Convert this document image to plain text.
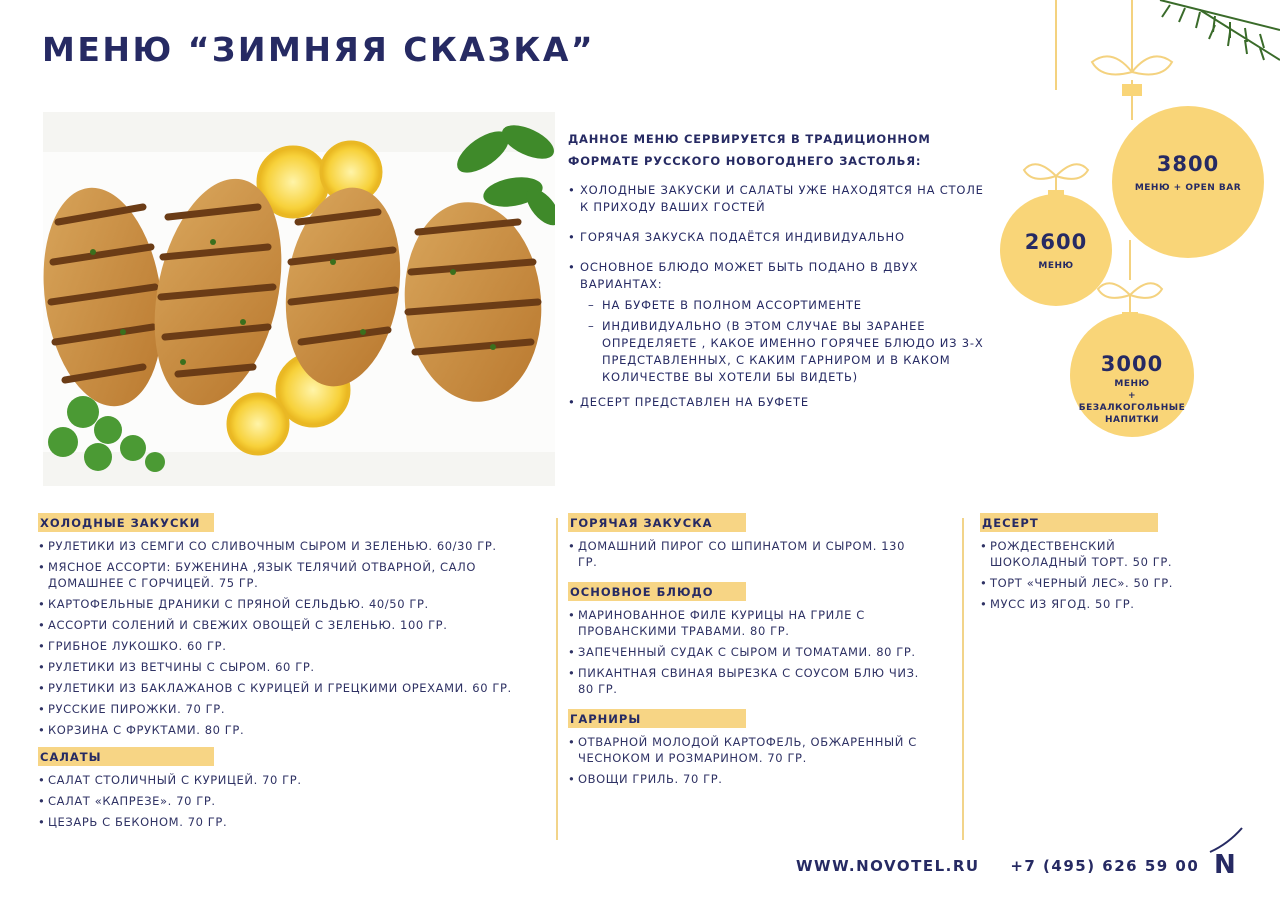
МЕНЮ “ЗИМНЯЯ СКАЗКА”

ДАННОЕ МЕНЮ СЕРВИРУЕТСЯ В ТРАДИЦИОННОМ ФОРМАТЕ РУССКОГО НОВОГОДНЕГО ЗАСТОЛЬЯ:

• ХОЛОДНЫЕ ЗАКУСКИ И САЛАТЫ УЖЕ НАХОДЯТСЯ НА СТОЛЕ К ПРИХОДУ ВАШИХ ГОСТЕЙ

• ГОРЯЧАЯ ЗАКУСКА ПОДАЁТСЯ ИНДИВИДУАЛЬНО

• ОСНОВНОЕ БЛЮДО МОЖЕТ БЫТЬ ПОДАНО В ДВУХ ВАРИАНТАХ:

– НА БУФЕТЕ В ПОЛНОМ АССОРТИМЕНТЕ

– ИНДИВИДУАЛЬНО (В ЭТОМ СЛУЧАЕ ВЫ ЗАРАНЕЕ ОПРЕДЕЛЯЕТЕ , КАКОЕ ИМЕННО ГОРЯЧЕЕ БЛЮДО ИЗ 3-Х ПРЕДСТАВЛЕННЫХ, С КАКИМ ГАРНИРОМ И В КАКОМ КОЛИЧЕСТВЕ ВЫ ХОТЕЛИ БЫ ВИДЕТЬ)

• ДЕСЕРТ ПРЕДСТАВЛЕН НА БУФЕТЕ

3800
МЕНЮ + OPEN BAR
2600
МЕНЮ
3000
МЕНЮ
+
БЕЗАЛКОГОЛЬНЫЕ
НАПИТКИ
ХОЛОДНЫЕ ЗАКУСКИ
• РУЛЕТИКИ ИЗ СЕМГИ СО СЛИВОЧНЫМ СЫРОМ И ЗЕЛЕНЬЮ. 60/30 ГР.
• МЯСНОЕ АССОРТИ: БУЖЕНИНА ,ЯЗЫК ТЕЛЯЧИЙ ОТВАРНОЙ, САЛО ДОМАШНЕЕ С ГОРЧИЦЕЙ. 75 ГР.
• КАРТОФЕЛЬНЫЕ ДРАНИКИ С ПРЯНОЙ СЕЛЬДЬЮ. 40/50 ГР.
• АССОРТИ СОЛЕНИЙ И СВЕЖИХ ОВОЩЕЙ С ЗЕЛЕНЬЮ. 100 ГР.
• ГРИБНОЕ ЛУКОШКО. 60 ГР.
• РУЛЕТИКИ ИЗ ВЕТЧИНЫ С СЫРОМ. 60 ГР.
• РУЛЕТИКИ ИЗ БАКЛАЖАНОВ С КУРИЦЕЙ И ГРЕЦКИМИ ОРЕХАМИ. 60 ГР.
• РУССКИЕ ПИРОЖКИ. 70 ГР.
• КОРЗИНА С ФРУКТАМИ. 80 ГР.
САЛАТЫ
• САЛАТ СТОЛИЧНЫЙ С КУРИЦЕЙ. 70 ГР.
• САЛАТ «КАПРЕЗЕ». 70 ГР.
• ЦЕЗАРЬ С БЕКОНОМ. 70 ГР.
ГОРЯЧАЯ ЗАКУСКА
• ДОМАШНИЙ ПИРОГ СО ШПИНАТОМ И СЫРОМ. 130 ГР.
ОСНОВНОЕ БЛЮДО
• МАРИНОВАННОЕ ФИЛЕ КУРИЦЫ НА ГРИЛЕ С ПРОВАНСКИМИ ТРАВАМИ. 80 ГР.
• ЗАПЕЧЕННЫЙ СУДАК С СЫРОМ И ТОМАТАМИ. 80 ГР.
• ПИКАНТНАЯ СВИНАЯ ВЫРЕЗКА С СОУСОМ БЛЮ ЧИЗ. 80 ГР.
ГАРНИРЫ
• ОТВАРНОЙ МОЛОДОЙ КАРТОФЕЛЬ, ОБЖАРЕННЫЙ С ЧЕСНОКОМ И РОЗМАРИНОМ. 70 ГР.
• ОВОЩИ ГРИЛЬ. 70 ГР.
ДЕСЕРТ
• РОЖДЕСТВЕНСКИЙ ШОКОЛАДНЫЙ ТОРТ. 50 ГР.
• ТОРТ «ЧЕРНЫЙ ЛЕС». 50 ГР.
• МУСС ИЗ ЯГОД. 50 ГР.
WWW.NOVOTEL.RU +7 (495) 626 59 00 N
